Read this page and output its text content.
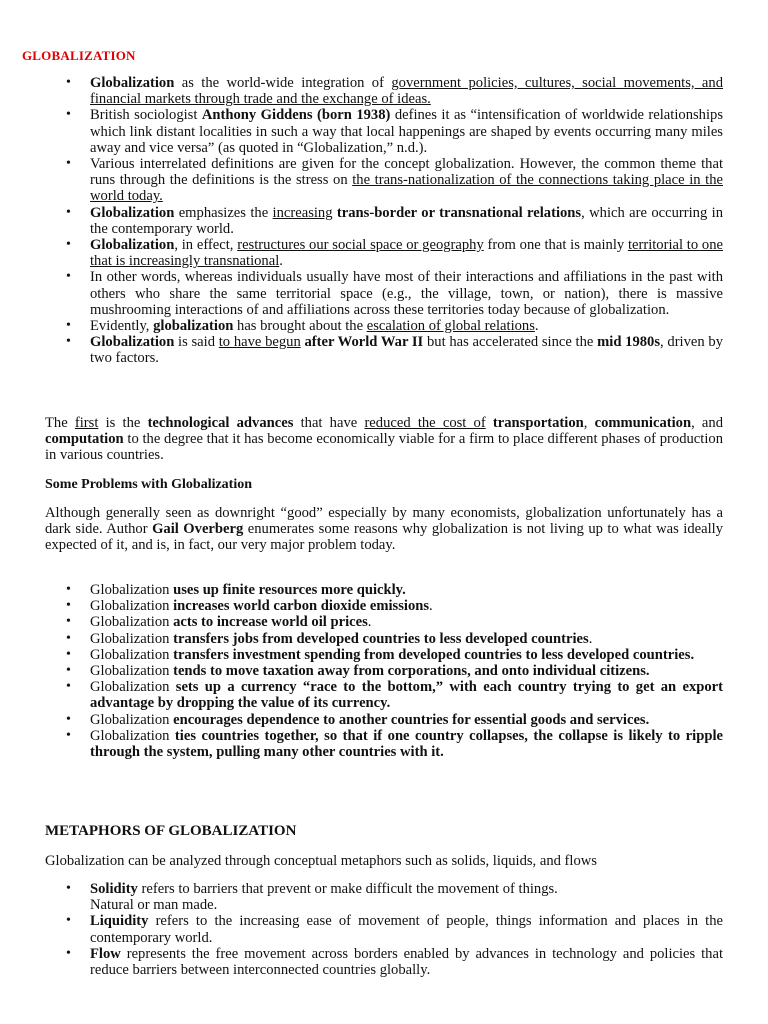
GLOBALIZATION
• Globalization as the world-wide integration of government policies, cultures, social movements, and financial markets through trade and the exchange of ideas.
• British sociologist Anthony Giddens (born 1938) defines it as “intensification of worldwide relationships which link distant localities in such a way that local happenings are shaped by events occurring many miles away and vice versa” (as quoted in “Globalization,” n.d.).
• Various interrelated definitions are given for the concept globalization. However, the common theme that runs through the definitions is the stress on the trans-nationalization of the connections taking place in the world today.
• Globalization emphasizes the increasing trans-border or transnational relations, which are occurring in the contemporary world.
• Globalization, in effect, restructures our social space or geography from one that is mainly territorial to one that is increasingly transnational.
• In other words, whereas individuals usually have most of their interactions and affiliations in the past with others who share the same territorial space (e.g., the village, town, or nation), there is massive mushrooming interactions of and affiliations across these territories today because of globalization.
• Evidently, globalization has brought about the escalation of global relations.
• Globalization is said to have begun after World War II but has accelerated since the mid 1980s, driven by two factors.

The first is the technological advances that have reduced the cost of transportation, communication, and computation to the degree that it has become economically viable for a firm to place different phases of production in various countries.

Some Problems with Globalization

Although generally seen as downright “good” especially by many economists, globalization unfortunately has a dark side. Author Gail Overberg enumerates some reasons why globalization is not living up to what was ideally expected of it, and is, in fact, our very major problem today.

• Globalization uses up finite resources more quickly.
• Globalization increases world carbon dioxide emissions.
• Globalization acts to increase world oil prices.
• Globalization transfers jobs from developed countries to less developed countries.
• Globalization transfers investment spending from developed countries to less developed countries.
• Globalization tends to move taxation away from corporations, and onto individual citizens.
• Globalization sets up a currency “race to the bottom,” with each country trying to get an export advantage by dropping the value of its currency.
• Globalization encourages dependence to another countries for essential goods and services.
• Globalization ties countries together, so that if one country collapses, the collapse is likely to ripple through the system, pulling many other countries with it.
METAPHORS OF GLOBALIZATION

Globalization can be analyzed through conceptual metaphors such as solids, liquids, and flows

• Solidity refers to barriers that prevent or make difficult the movement of things.
Natural or man made.
• Liquidity refers to the increasing ease of movement of people, things information and places in the contemporary world.
• Flow represents the free movement across borders enabled by advances in technology and policies that reduce barriers between interconnected countries globally.
